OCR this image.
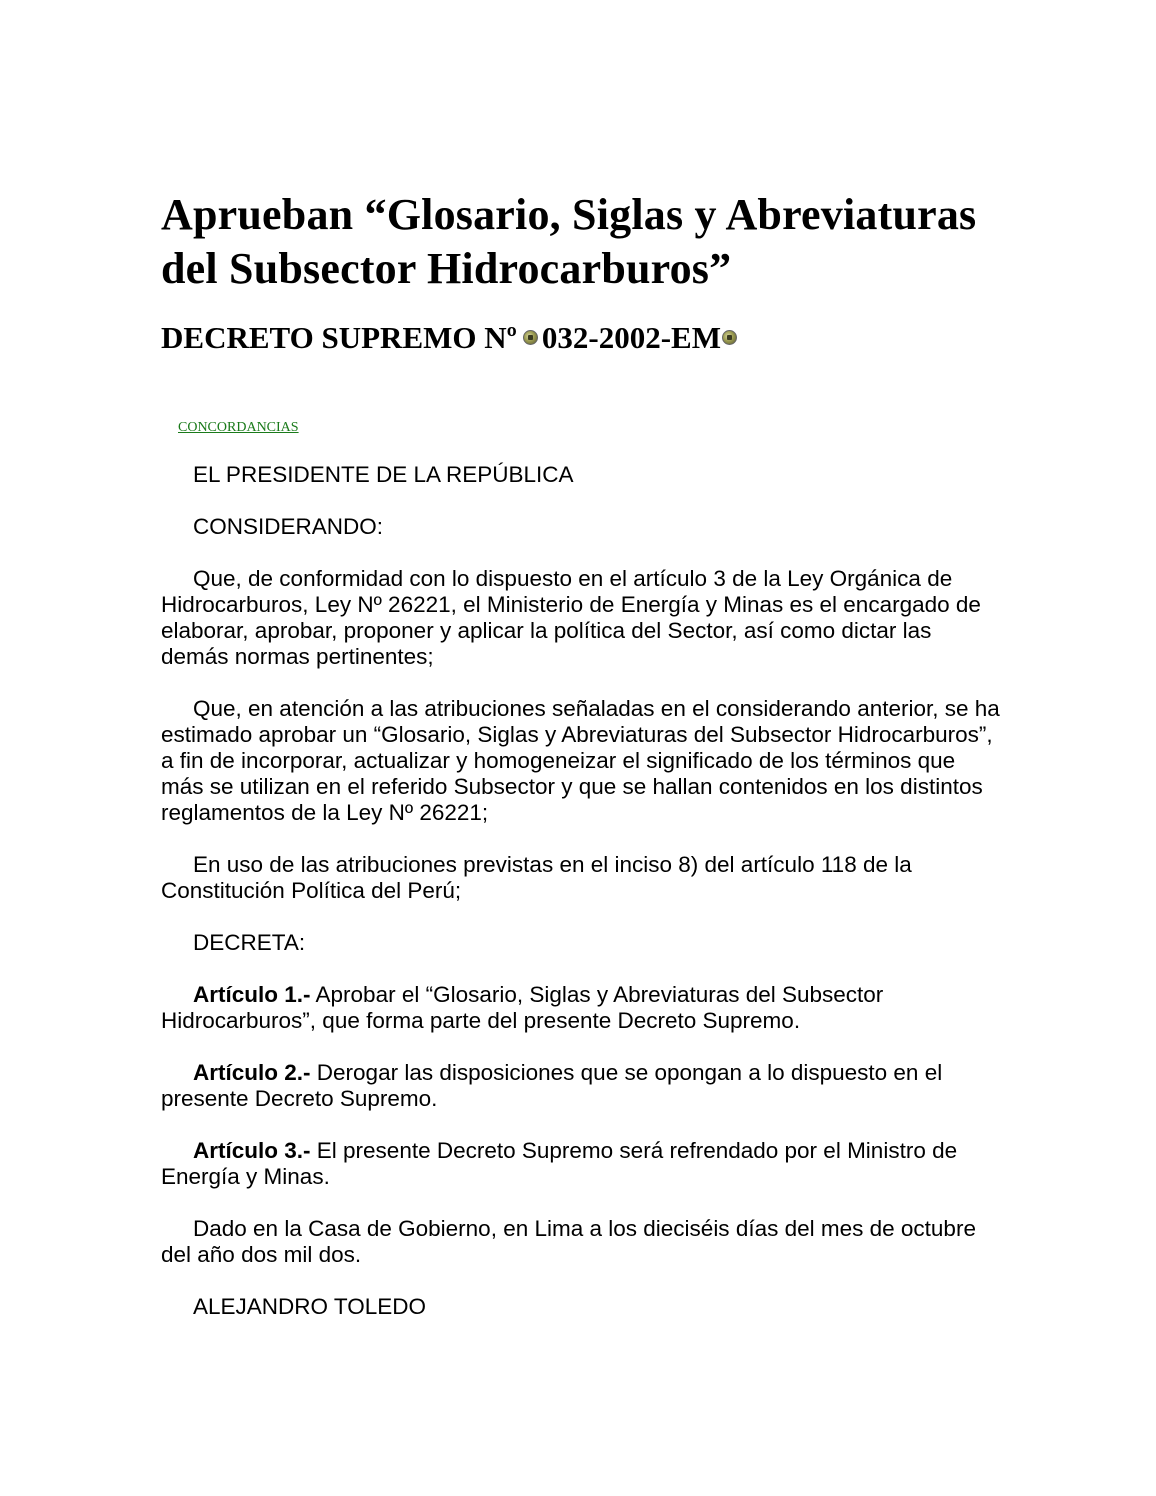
Aprueban “Glosario, Siglas y Abreviaturas del Subsector Hidrocarburos”
DECRETO SUPREMO Nº 032-2002-EM
CONCORDANCIAS

EL PRESIDENTE DE LA REPÚBLICA

CONSIDERANDO:

Que, de conformidad con lo dispuesto en el artículo 3 de la Ley Orgánica de Hidrocarburos, Ley Nº 26221, el Ministerio de Energía y Minas es el encargado de elaborar, aprobar, proponer y aplicar la política del Sector, así como dictar las demás normas pertinentes;

Que, en atención a las atribuciones señaladas en el considerando anterior, se ha estimado aprobar un “Glosario, Siglas y Abreviaturas del Subsector Hidrocarburos”, a fin de incorporar, actualizar y homogeneizar el significado de los términos que más se utilizan en el referido Subsector y que se hallan contenidos en los distintos reglamentos de la Ley Nº 26221;

En uso de las atribuciones previstas en el inciso 8) del artículo 118 de la Constitución Política del Perú;

DECRETA:

Artículo 1.- Aprobar el “Glosario, Siglas y Abreviaturas del Subsector Hidrocarburos”, que forma parte del presente Decreto Supremo.

Artículo 2.- Derogar las disposiciones que se opongan a lo dispuesto en el presente Decreto Supremo.

Artículo 3.- El presente Decreto Supremo será refrendado por el Ministro de Energía y Minas.

Dado en la Casa de Gobierno, en Lima a los dieciséis días del mes de octubre del año dos mil dos.

ALEJANDRO TOLEDO
